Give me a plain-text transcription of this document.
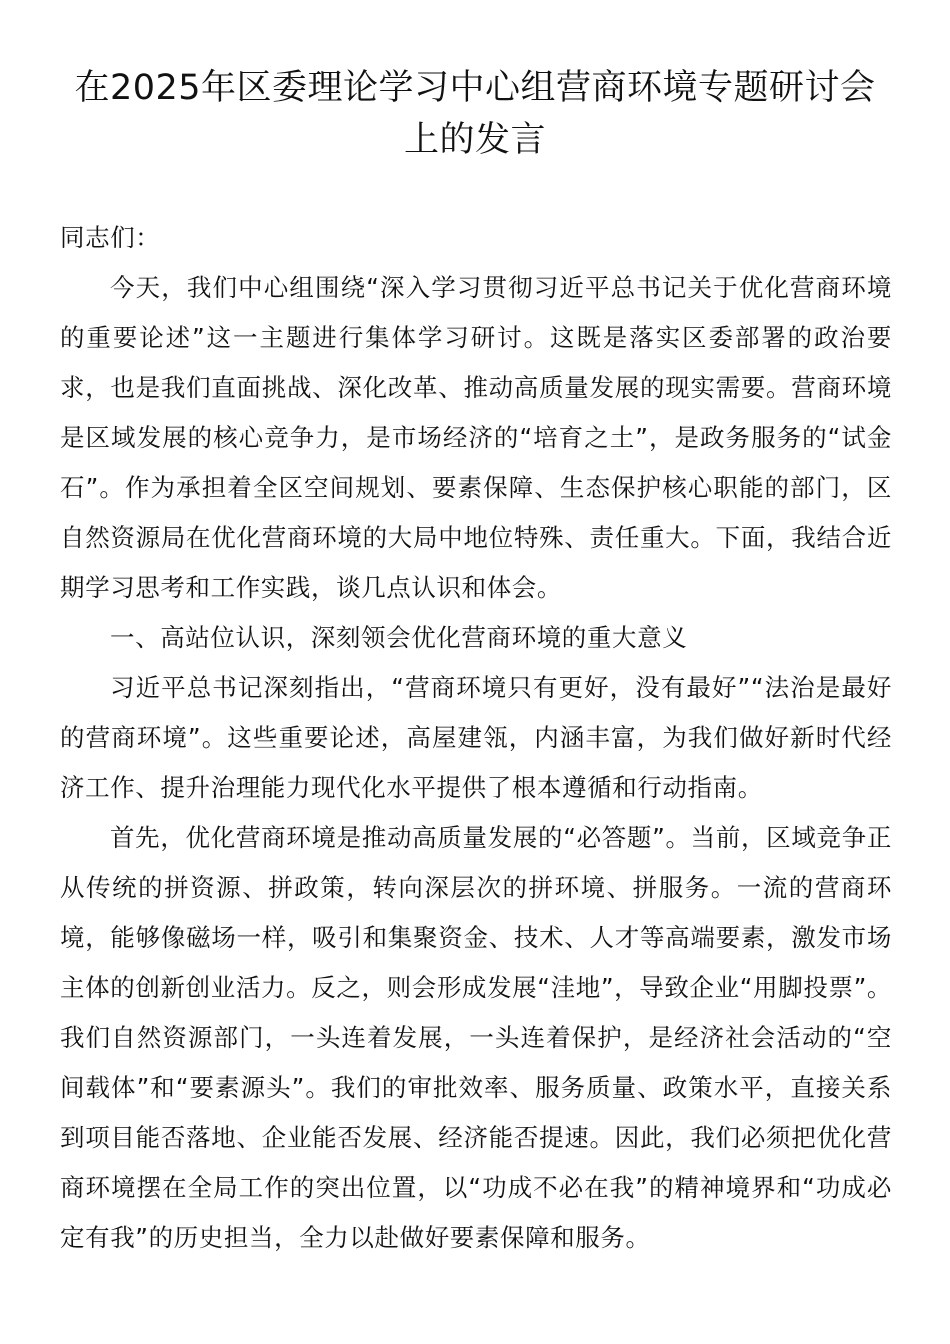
在2025年区委理论学习中心组营商环境专题研讨会上的发言

同志们：

今天，我们中心组围绕“深入学习贯彻习近平总书记关于优化营商环境的重要论述”这一主题进行集体学习研讨。这既是落实区委部署的政治要求，也是我们直面挑战、深化改革、推动高质量发展的现实需要。营商环境是区域发展的核心竞争力，是市场经济的“培育之土”，是政务服务的“试金石”。作为承担着全区空间规划、要素保障、生态保护核心职能的部门，区自然资源局在优化营商环境的大局中地位特殊、责任重大。下面，我结合近期学习思考和工作实践，谈几点认识和体会。

一、高站位认识，深刻领会优化营商环境的重大意义

习近平总书记深刻指出，“营商环境只有更好，没有最好”“法治是最好的营商环境”。这些重要论述，高屋建瓴，内涵丰富，为我们做好新时代经济工作、提升治理能力现代化水平提供了根本遵循和行动指南。

首先，优化营商环境是推动高质量发展的“必答题”。当前，区域竞争正从传统的拼资源、拼政策，转向深层次的拼环境、拼服务。一流的营商环境，能够像磁场一样，吸引和集聚资金、技术、人才等高端要素，激发市场主体的创新创业活力。反之，则会形成发展“洼地”，导致企业“用脚投票”。我们自然资源部门，一头连着发展，一头连着保护，是经济社会活动的“空间载体”和“要素源头”。我们的审批效率、服务质量、政策水平，直接关系到项目能否落地、企业能否发展、经济能否提速。因此，我们必须把优化营商环境摆在全局工作的突出位置，以“功成不必在我”的精神境界和“功成必定有我”的历史担当，全力以赴做好要素保障和服务。
